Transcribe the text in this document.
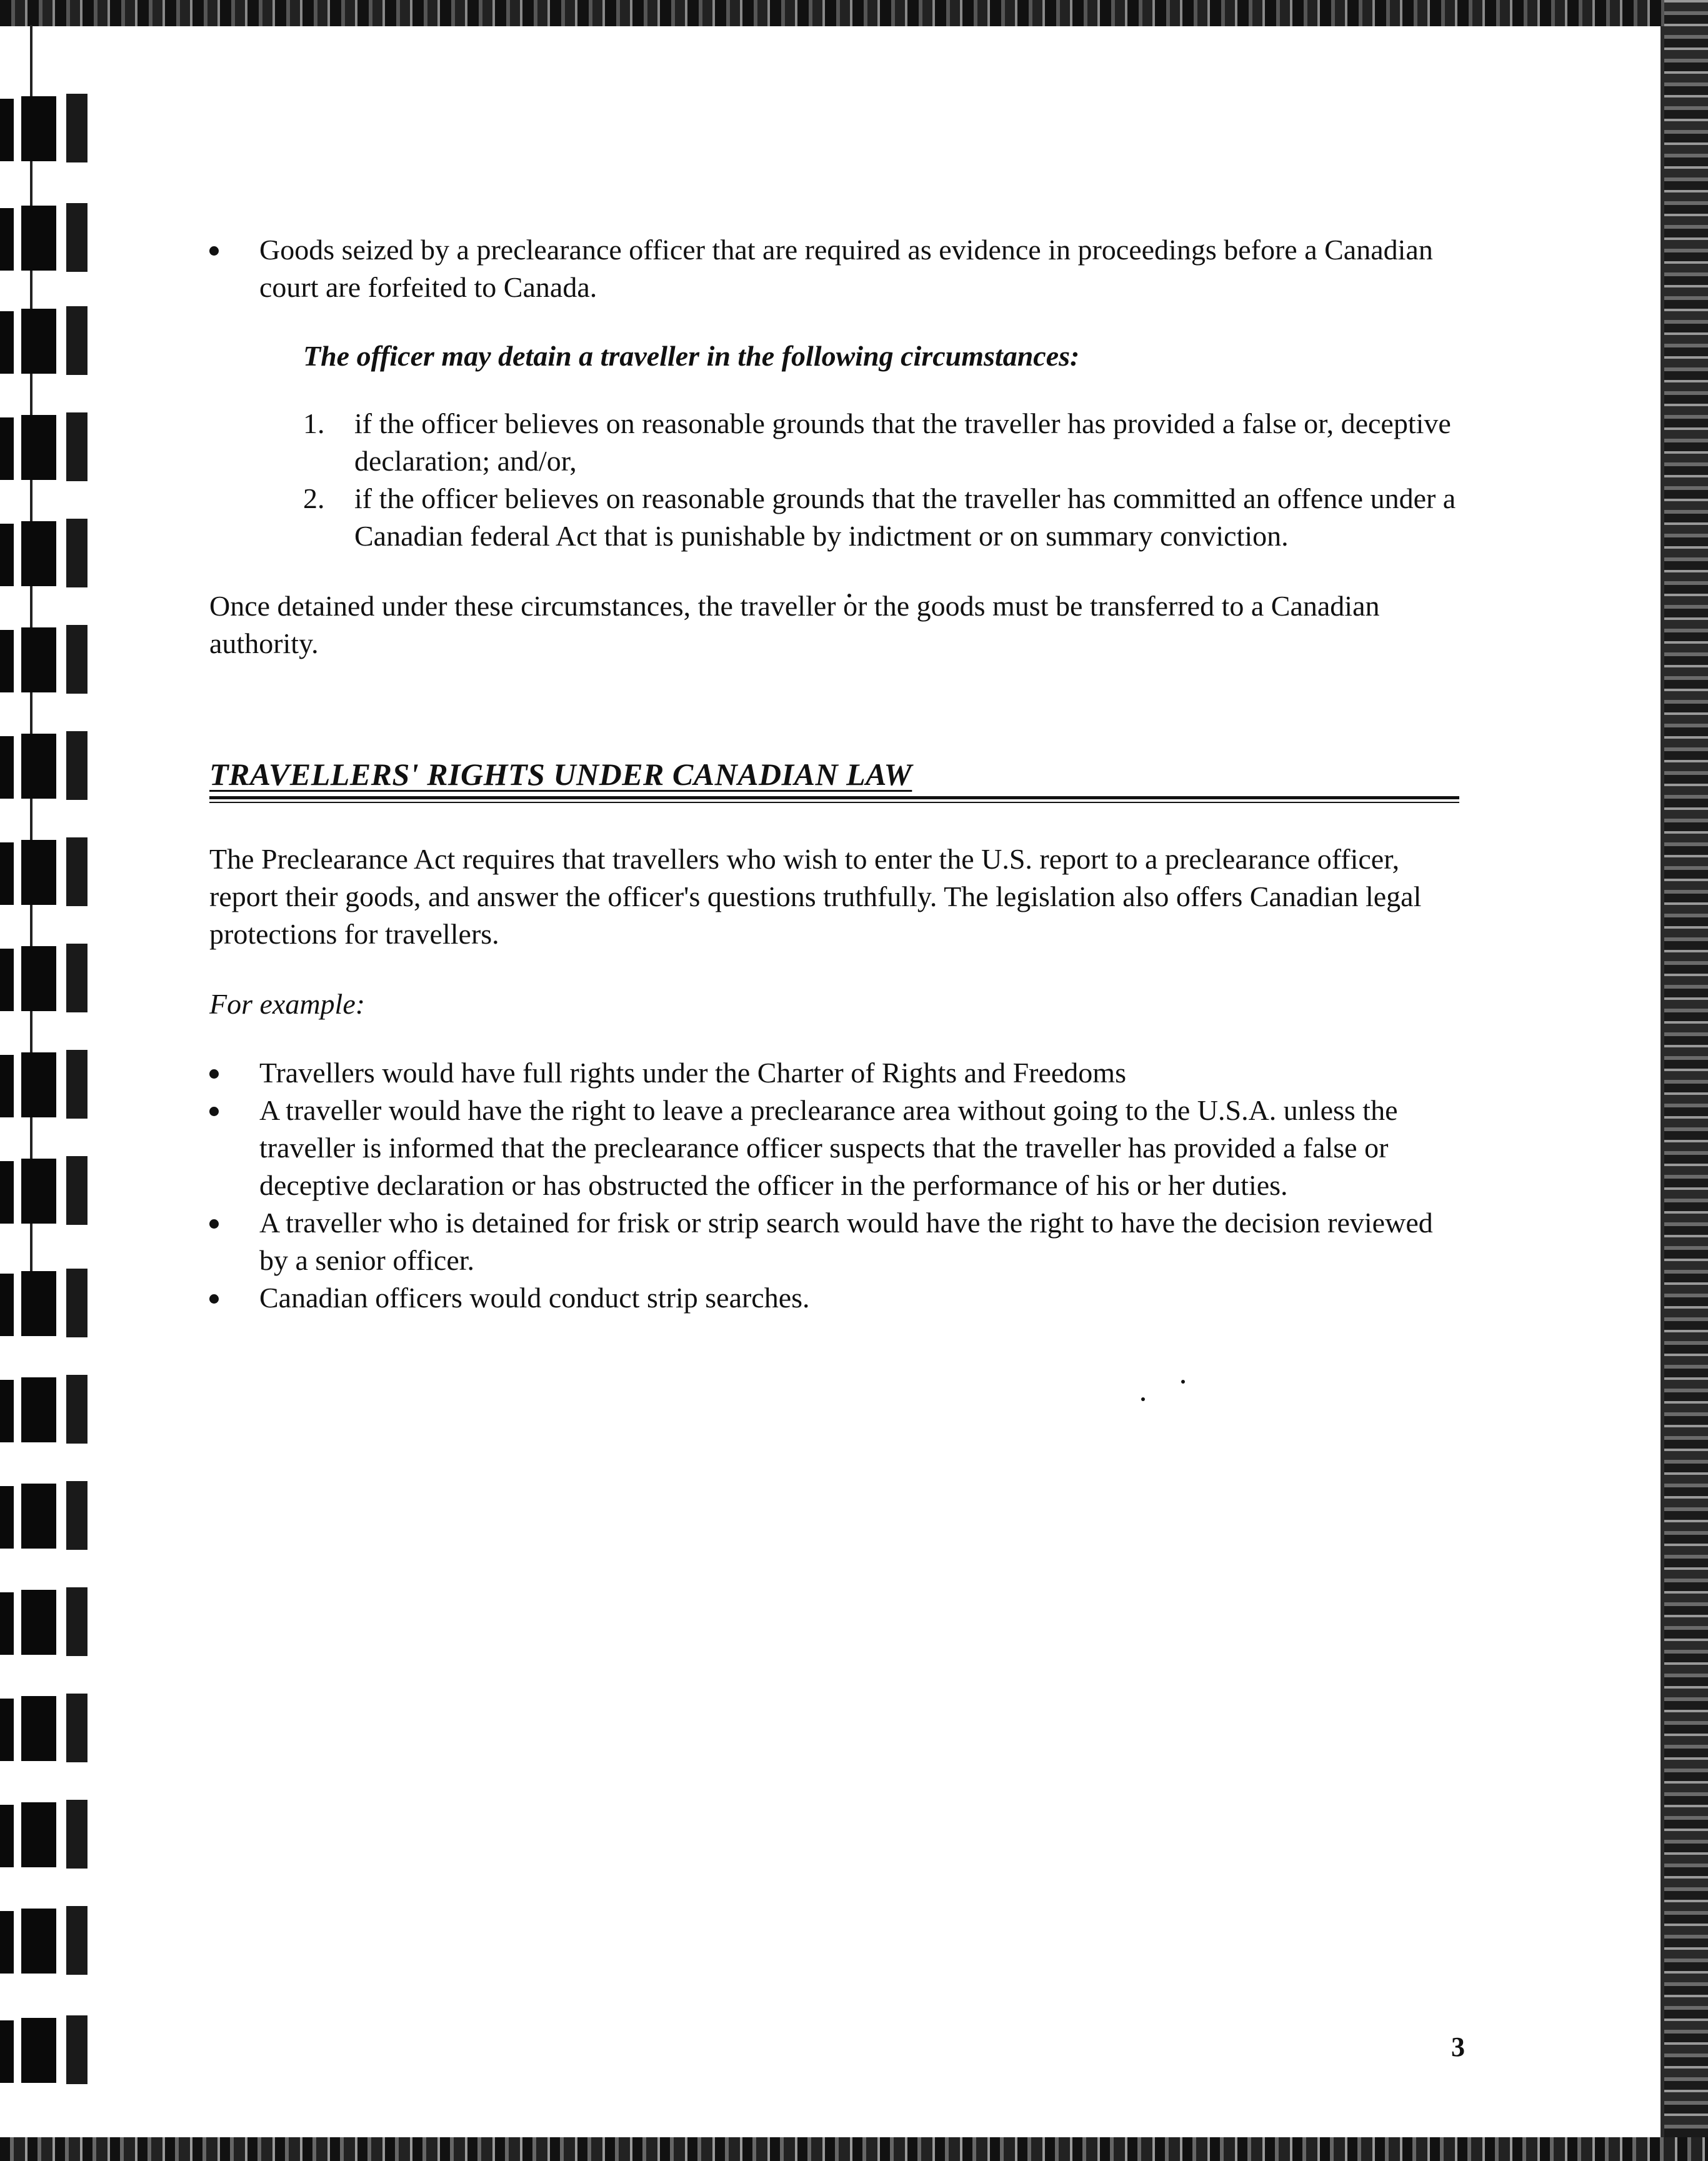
Goods seized by a preclearance officer that are required as evidence in proceedings before a Canadian court are forfeited to Canada.

The officer may detain a traveller in the following circumstances:

1. if the officer believes on reasonable grounds that the traveller has provided a false or, deceptive declaration; and/or,
2. if the officer believes on reasonable grounds that the traveller has committed an offence under a Canadian federal Act that is punishable by indictment or on summary conviction.

Once detained under these circumstances, the traveller or the goods must be transferred to a Canadian authority.

TRAVELLERS' RIGHTS UNDER CANADIAN LAW

The Preclearance Act requires that travellers who wish to enter the U.S. report to a preclearance officer, report their goods, and answer the officer's questions truthfully. The legislation also offers Canadian legal protections for travellers.

For example:

Travellers would have full rights under the Charter of Rights and Freedoms
A traveller would have the right to leave a preclearance area without going to the U.S.A. unless the traveller is informed that the preclearance officer suspects that the traveller has provided a false or deceptive declaration or has obstructed the officer in the performance of his or her duties.
A traveller who is detained for frisk or strip search would have the right to have the decision reviewed by a senior officer.
Canadian officers would conduct strip searches.
3
